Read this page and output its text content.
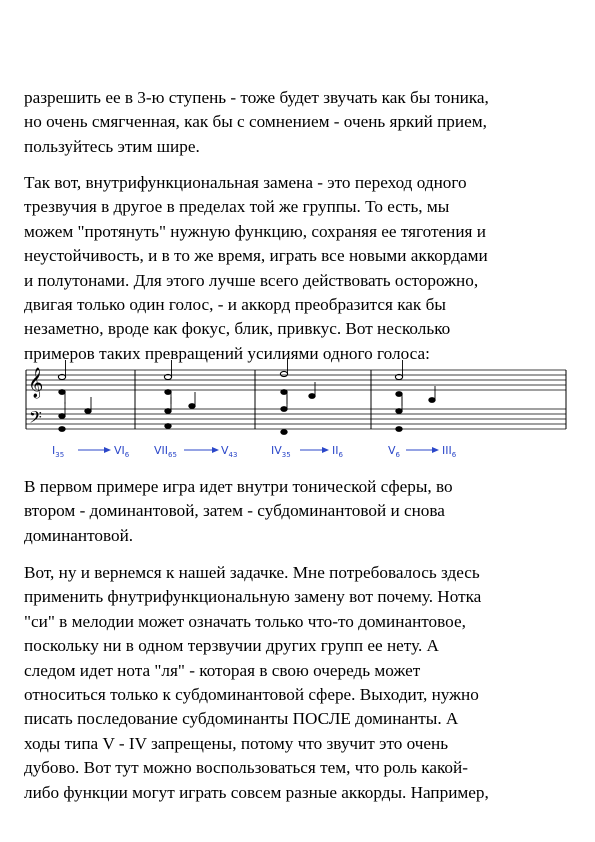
разрешить ее в 3-ю ступень - тоже будет звучать как бы тоника,
но очень смягченная, как бы с сомнением - очень яркий прием,
пользуйтесь этим шире.

Так вот, внутрифункциональная замена - это переход одного
трезвучия в другое в пределах той же группы. То есть, мы
можем "протянуть" нужную функцию, сохраняя ее тяготения и
неустойчивость, и в то же время, играть все новыми аккордами
и полутонами. Для этого лучше всего действовать осторожно,
двигая только один голос, - и аккорд преобразится как бы
незаметно, вроде как фокус, блик, привкус. Вот несколько
примеров таких превращений усилиями одного голоса:

𝄞
𝄢
$I_{35}$	$VI_6$ $VII_{65}$	$V_{43}$	$IV_{35}$	$II_6$	$V_6$	$III_6$

В первом примере игра идет внутри тонической сферы, во
втором - доминантовой, затем - субдоминантовой и снова
доминантовой.

Вот, ну и вернемся к нашей задачке. Мне потребовалось здесь
применить фнутрифункциональную замену вот почему. Нотка
"си" в мелодии может означать только что-то доминантовое,
поскольку ни в одном терзвучии других групп ее нету. А
следом идет нота "ля" - которая в свою очередь может
относиться только к субдоминантовой сфере. Выходит, нужно
писать последование субдоминанты ПОСЛЕ доминанты. А
ходы типа V - IV запрещены, потому что звучит это очень
дубово. Вот тут можно воспользоваться тем, что роль какой-
либо функции могут играть совсем разные аккорды. Например,
